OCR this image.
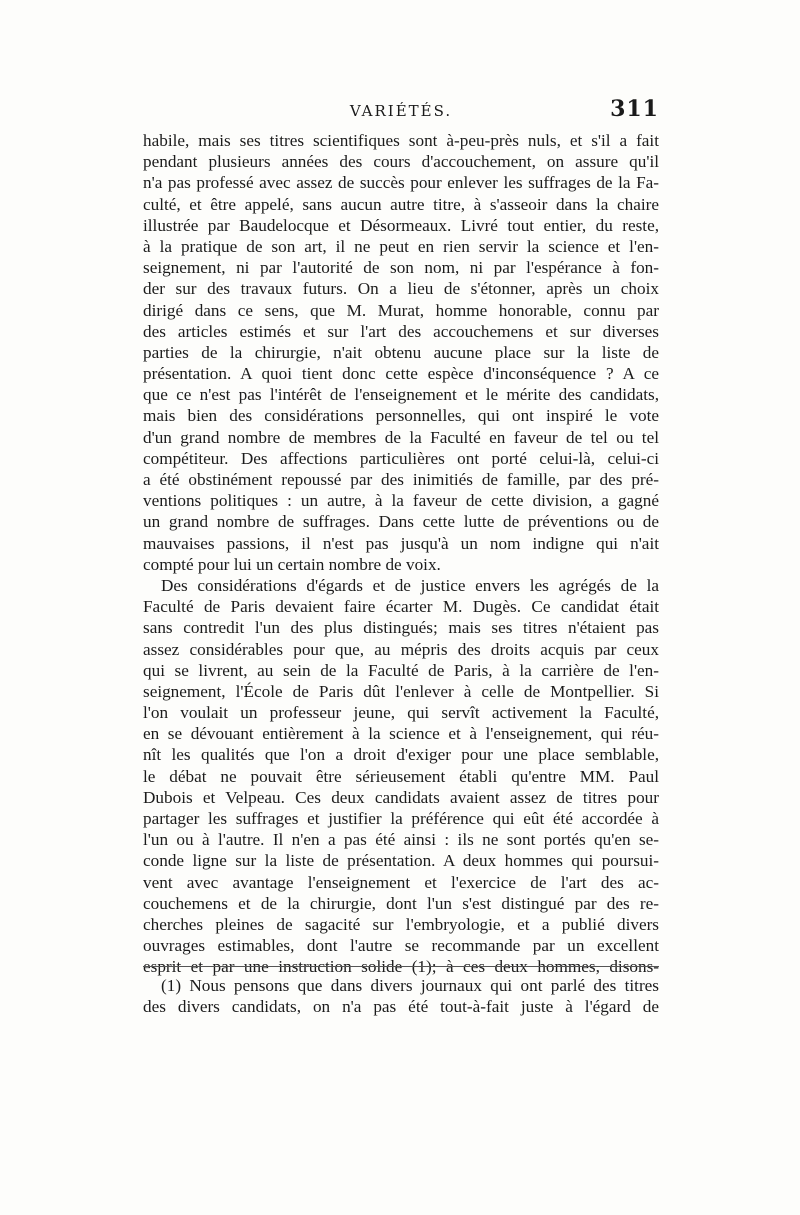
VARIÉTÉS.	311
habile, mais ses titres scientifiques sont à-peu-près nuls, et s'il a fait
pendant plusieurs années des cours d'accouchement, on assure qu'il
n'a pas professé avec assez de succès pour enlever les suffrages de la Fa-
culté, et être appelé, sans aucun autre titre, à s'asseoir dans la chaire
illustrée par Baudelocque et Désormeaux. Livré tout entier, du reste,
à la pratique de son art, il ne peut en rien servir la science et l'en-
seignement, ni par l'autorité de son nom, ni par l'espérance à fon-
der sur des travaux futurs. On a lieu de s'étonner, après un choix
dirigé dans ce sens, que M. Murat, homme honorable, connu par
des articles estimés et sur l'art des accouchemens et sur diverses
parties de la chirurgie, n'ait obtenu aucune place sur la liste de
présentation. A quoi tient donc cette espèce d'inconséquence ? A ce
que ce n'est pas l'intérêt de l'enseignement et le mérite des candidats,
mais bien des considérations personnelles, qui ont inspiré le vote
d'un grand nombre de membres de la Faculté en faveur de tel ou tel
compétiteur. Des affections particulières ont porté celui-là, celui-ci
a été obstinément repoussé par des inimitiés de famille, par des pré-
ventions politiques : un autre, à la faveur de cette division, a gagné
un grand nombre de suffrages. Dans cette lutte de préventions ou de
mauvaises passions, il n'est pas jusqu'à un nom indigne qui n'ait
compté pour lui un certain nombre de voix.
Des considérations d'égards et de justice envers les agrégés de la
Faculté de Paris devaient faire écarter M. Dugès. Ce candidat était
sans contredit l'un des plus distingués; mais ses titres n'étaient pas
assez considérables pour que, au mépris des droits acquis par ceux
qui se livrent, au sein de la Faculté de Paris, à la carrière de l'en-
seignement, l'École de Paris dût l'enlever à celle de Montpellier. Si
l'on voulait un professeur jeune, qui servît activement la Faculté,
en se dévouant entièrement à la science et à l'enseignement, qui réu-
nît les qualités que l'on a droit d'exiger pour une place semblable,
le débat ne pouvait être sérieusement établi qu'entre MM. Paul
Dubois et Velpeau. Ces deux candidats avaient assez de titres pour
partager les suffrages et justifier la préférence qui eût été accordée à
l'un ou à l'autre. Il n'en a pas été ainsi : ils ne sont portés qu'en se-
conde ligne sur la liste de présentation. A deux hommes qui poursui-
vent avec avantage l'enseignement et l'exercice de l'art des ac-
couchemens et de la chirurgie, dont l'un s'est distingué par des re-
cherches pleines de sagacité sur l'embryologie, et a publié divers
ouvrages estimables, dont l'autre se recommande par un excellent
esprit et par une instruction solide (1); à ces deux hommes, disons-
(1) Nous pensons que dans divers journaux qui ont parlé des titres
des divers candidats, on n'a pas été tout-à-fait juste à l'égard de
